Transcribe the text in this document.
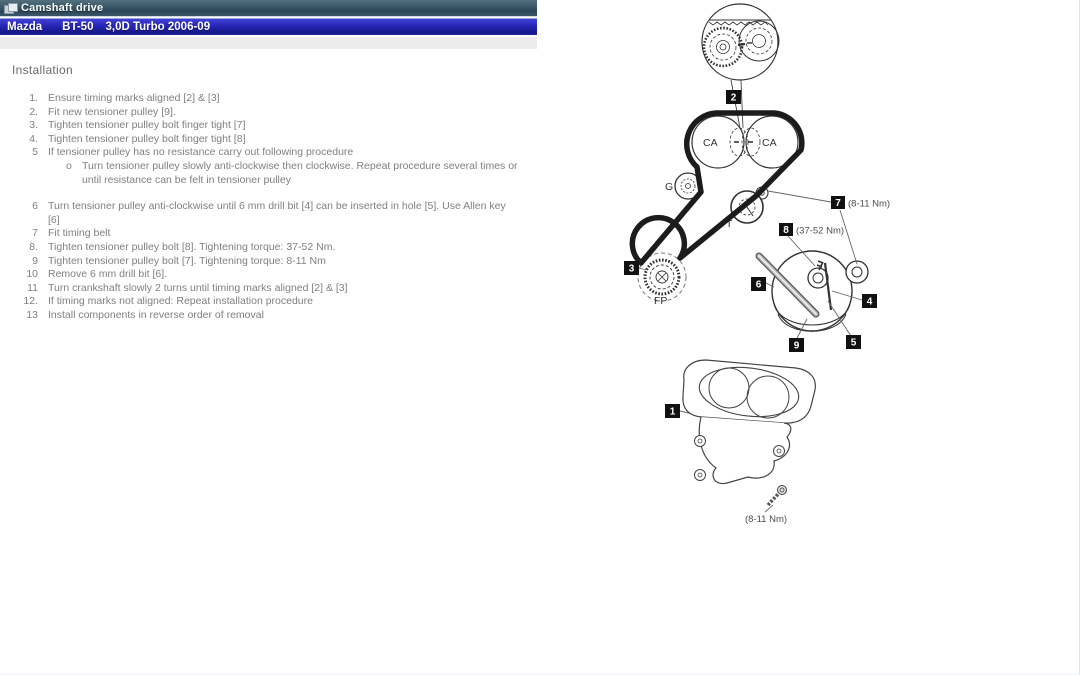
Camshaft drive
Mazda BT-50 3,0D Turbo 2006-09
Installation
1. Ensure timing marks aligned [2] & [3]
2. Fit new tensioner pulley [9].
3. Tighten tensioner pulley bolt finger tight [7]
4. Tighten tensioner pulley bolt finger tight [8]
5 If tensioner pulley has no resistance carry out following procedure
o Turn tensioner pulley slowly anti-clockwise then clockwise. Repeat procedure several times or until resistance can be felt in tensioner pulley
6 Turn tensioner pulley anti-clockwise until 6 mm drill bit [4] can be inserted in hole [5]. Use Allen key [6]
7 Fit timing belt
8. Tighten tensioner pulley bolt [8]. Tightening torque: 37-52 Nm.
9 Tighten tensioner pulley bolt [7]. Tightening torque: 8-11 Nm
10 Remove 6 mm drill bit [6].
11 Turn crankshaft slowly 2 turns until timing marks aligned [2] & [3]
12. If timing marks not aligned: Repeat installation procedure
13 Install components in reverse order of removal
CA	CA
G
T
FP
2
3
7 (8-11 Nm)
8 (37-52 Nm)
6
4
9	5
1
(8-11 Nm)
